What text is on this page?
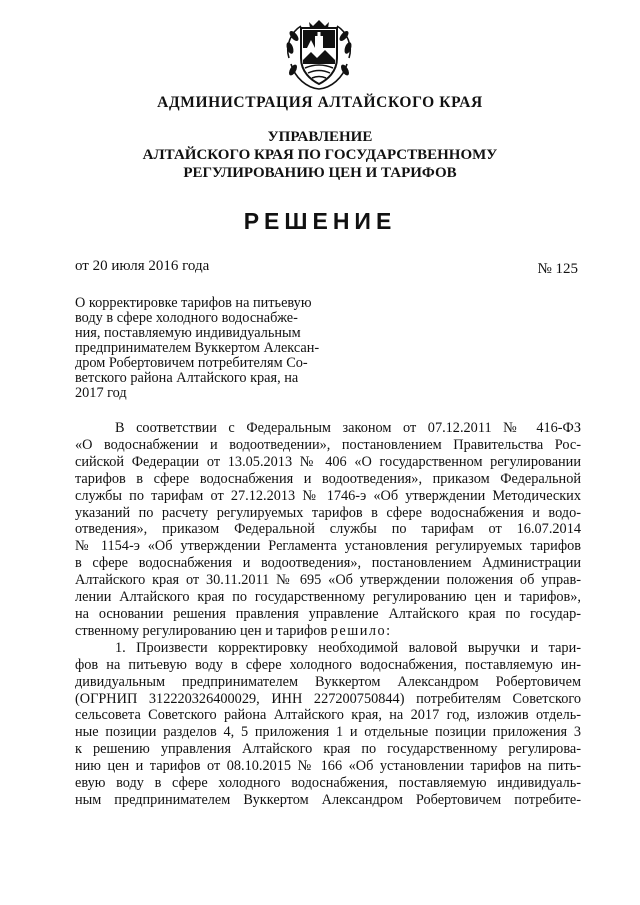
АДМИНИСТРАЦИЯ АЛТАЙСКОГО КРАЯ
УПРАВЛЕНИЕ
АЛТАЙСКОГО КРАЯ ПО ГОСУДАРСТВЕННОМУ
РЕГУЛИРОВАНИЮ ЦЕН И ТАРИФОВ
РЕШЕНИЕ
от 20 июля 2016 года	№ 125
О корректировке тарифов на питьевую
воду в сфере холодного водоснабже-
ния, поставляемую индивидуальным
предпринимателем Вуккертом Алексан-
дром Робертовичем потребителям Со-
ветского района Алтайского края, на
2017 год
В соответствии с Федеральным законом от 07.12.2011 № 416-ФЗ
«О водоснабжении и водоотведении», постановлением Правительства Рос-
сийской Федерации от 13.05.2013 № 406 «О государственном регулировании
тарифов в сфере водоснабжения и водоотведения», приказом Федеральной
службы по тарифам от 27.12.2013 № 1746-э «Об утверждении Методических
указаний по расчету регулируемых тарифов в сфере водоснабжения и водо-
отведения», приказом Федеральной службы по тарифам от 16.07.2014
№ 1154-э «Об утверждении Регламента установления регулируемых тарифов
в сфере водоснабжения и водоотведения», постановлением Администрации
Алтайского края от 30.11.2011 № 695 «Об утверждении положения об управ-
лении Алтайского края по государственному регулированию цен и тарифов»,
на основании решения правления управление Алтайского края по государ-
ственному регулированию цен и тарифов решило:
1. Произвести корректировку необходимой валовой выручки и тари-
фов на питьевую воду в сфере холодного водоснабжения, поставляемую ин-
дивидуальным предпринимателем Вуккертом Александром Робертовичем
(ОГРНИП 312220326400029, ИНН 227200750844) потребителям Советского
сельсовета Советского района Алтайского края, на 2017 год, изложив отдель-
ные позиции разделов 4, 5 приложения 1 и отдельные позиции приложения 3
к решению управления Алтайского края по государственному регулирова-
нию цен и тарифов от 08.10.2015 № 166 «Об установлении тарифов на пить-
евую воду в сфере холодного водоснабжения, поставляемую индивидуаль-
ным предпринимателем Вуккертом Александром Робертовичем потребите-
